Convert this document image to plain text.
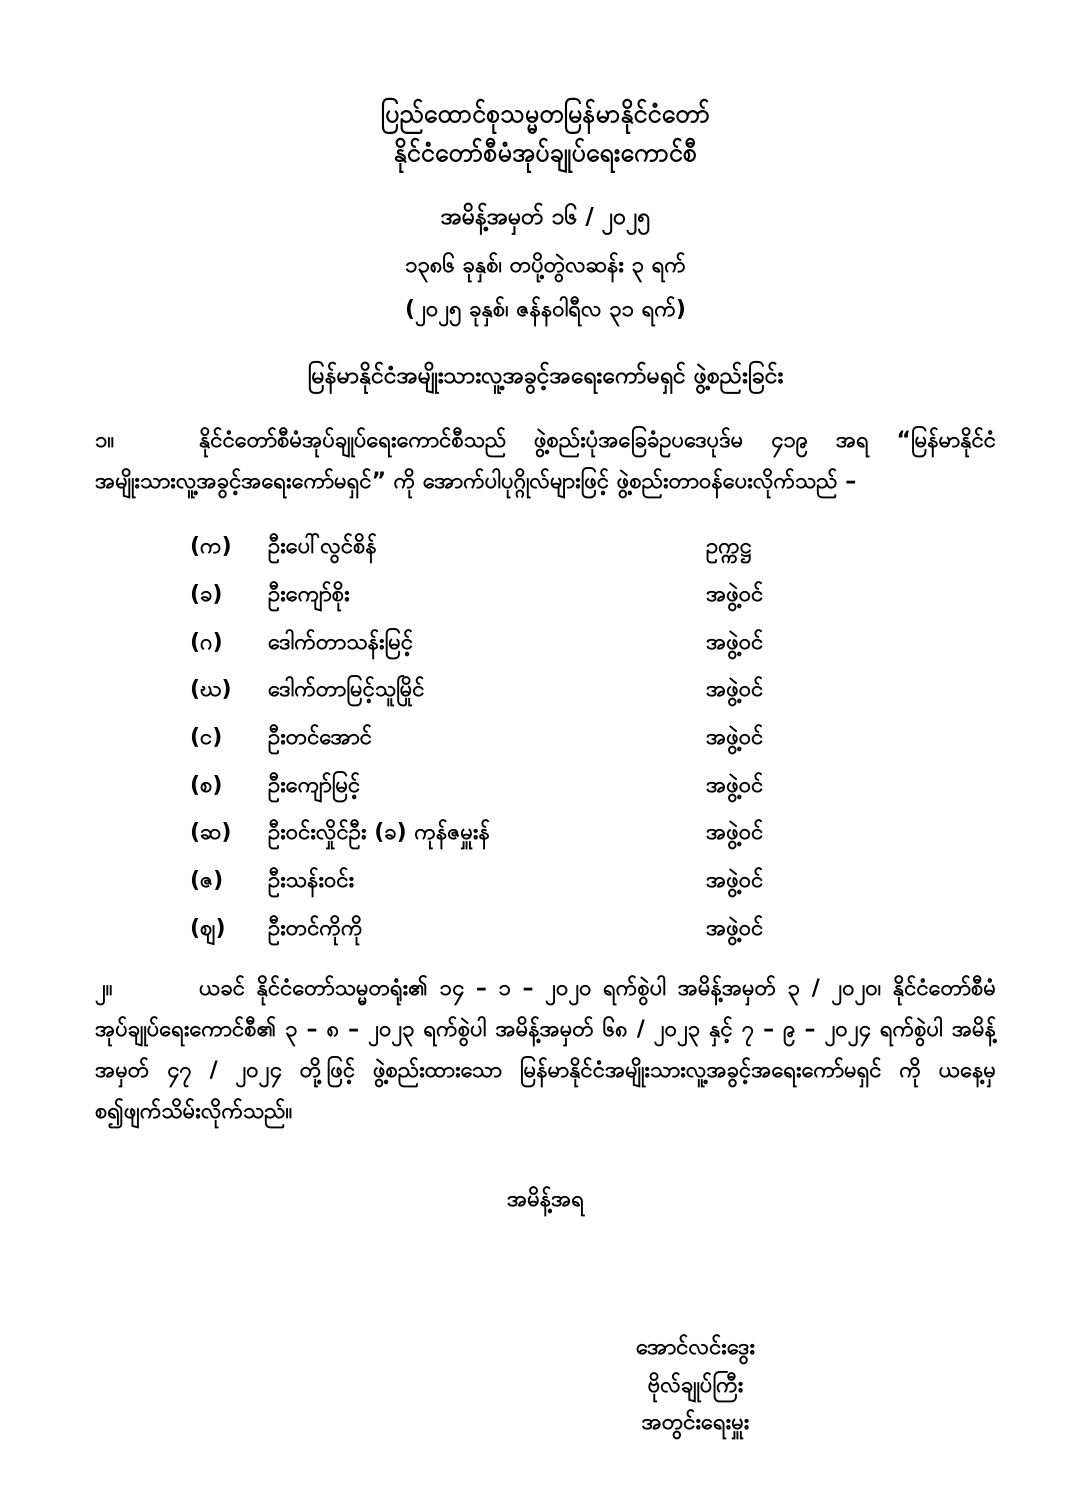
ပြည်ထောင်စုသမ္မတမြန်မာနိုင်ငံတော်
နိုင်ငံတော်စီမံအုပ်ချုပ်ရေးကောင်စီ
အမိန့်အမှတ် ၁၆ / ၂၀၂၅
၁၃၈၆ ခုနှစ်၊ တပို့တွဲလဆန်း ၃ ရက်
(၂၀၂၅ ခုနှစ်၊ ဇန်နဝါရီလ ၃၁ ရက်)
မြန်မာနိုင်ငံအမျိုးသားလူ့အခွင့်အရေးကော်မရှင် ဖွဲ့စည်းခြင်း
၁။	နိုင်ငံတော်စီမံအုပ်ချုပ်ရေးကောင်စီသည် ဖွဲ့စည်းပုံအခြေခံဥပဒေပုဒ်မ ၄၁၉ အရ “မြန်မာနိုင်ငံအမျိုးသားလူ့အခွင့်အရေးကော်မရှင်” ကို အောက်ပါပုဂ္ဂိုလ်များဖြင့် ဖွဲ့စည်းတာဝန်ပေးလိုက်သည် –
(က)	ဦးပေါ်လွင်စိန်	ဥက္ကဋ္ဌ
(ခ)	ဦးကျော်စိုး	အဖွဲ့ဝင်
(ဂ)	ဒေါက်တာသန်းမြင့်	အဖွဲ့ဝင်
(ဃ)	ဒေါက်တာမြင့်သူမြိုင်	အဖွဲ့ဝင်
(င)	ဦးတင်အောင်	အဖွဲ့ဝင်
(စ)	ဦးကျော်မြင့်	အဖွဲ့ဝင်
(ဆ)	ဦးဝင်းလှိုင်ဦး (ခ) ကုန်ဇမှူးန်	အဖွဲ့ဝင်
(ဇ)	ဦးသန်းဝင်း	အဖွဲ့ဝင်
(ဈ)	ဦးတင်ကိုကို	အဖွဲ့ဝင်
၂။	ယခင် နိုင်ငံတော်သမ္မတရုံး၏ ၁၄ – ၁ – ၂၀၂၀ ရက်စွဲပါ အမိန့်အမှတ် ၃ / ၂၀၂၀၊ နိုင်ငံတော်စီမံအုပ်ချုပ်ရေးကောင်စီ၏ ၃ – ၈ – ၂၀၂၃ ရက်စွဲပါ အမိန့်အမှတ် ၆၈ / ၂၀၂၃ နှင့် ၇ – ၉ – ၂၀၂၄ ရက်စွဲပါ အမိန့်အမှတ် ၄၇ / ၂၀၂၄ တို့ဖြင့် ဖွဲ့စည်းထားသော မြန်မာနိုင်ငံအမျိုးသားလူ့အခွင့်အရေးကော်မရှင် ကို ယနေ့မှစ၍ဖျက်သိမ်းလိုက်သည်။
အမိန့်အရ
အောင်လင်းဒွေး
ဗိုလ်ချုပ်ကြီး
အတွင်းရေးမှူး
